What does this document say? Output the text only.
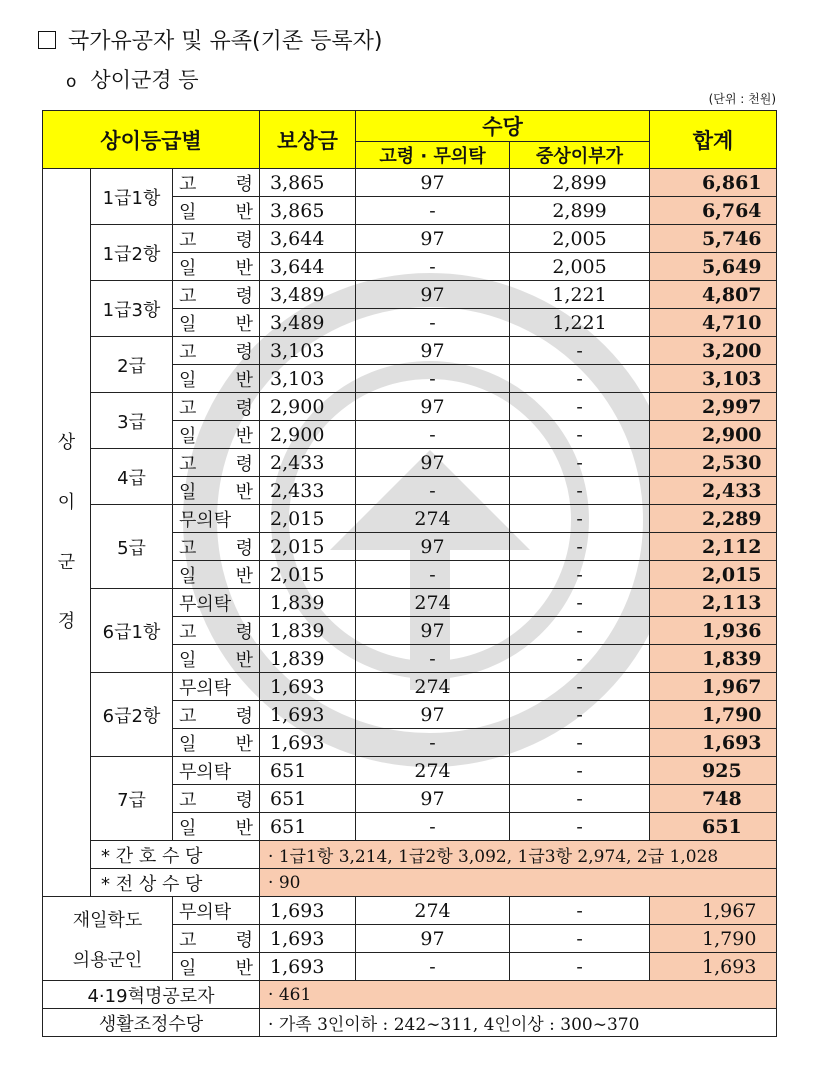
국가유공자 및 유족(기존 등록자)
o 상이군경 등
(단위 : 천원)
상이등급별			보상금	수당		합계
				고령 · 무의탁	중상이부가	

상
이
군
경	1급1항	고 령	3,865	97	2,899	6,861
		일 반	3,865	-	2,899	6,764
	1급2항	고 령	3,644	97	2,005	5,746
		일 반	3,644	-	2,005	5,649
	1급3항	고 령	3,489	97	1,221	4,807
		일 반	3,489	-	1,221	4,710
	2급	고 령	3,103	97	-	3,200
		일 반	3,103	-	-	3,103
	3급	고 령	2,900	97	-	2,997
		일 반	2,900	-	-	2,900
	4급	고 령	2,433	97	-	2,530
		일 반	2,433	-	-	2,433
	5급	무의탁	2,015	274	-	2,289
		고 령	2,015	97	-	2,112
		일 반	2,015	-	-	2,015
	6급1항	무의탁	1,839	274	-	2,113
		고 령	1,839	97	-	1,936
		일 반	1,839	-	-	1,839
	6급2항	무의탁	1,693	274	-	1,967
		고 령	1,693	97	-	1,790
		일 반	1,693	-	-	1,693
	7급	무의탁	651	274	-	925
		고 령	651	97	-	748
		일 반	651	-	-	651
	* 간 호 수 당		· 1급1항 3,214, 1급2항 3,092, 1급3항 2,974, 2급 1,028			
	* 전 상 수 당		· 90			

재일학도
의용군인		무의탁	1,693	274	-	1,967
		고 령	1,693	97	-	1,790
		일 반	1,693	-	-	1,693
4·19혁명공로자			· 461			
생활조정수당			· 가족 3인이하 : 242∼311, 4인이상 : 300∼370			
